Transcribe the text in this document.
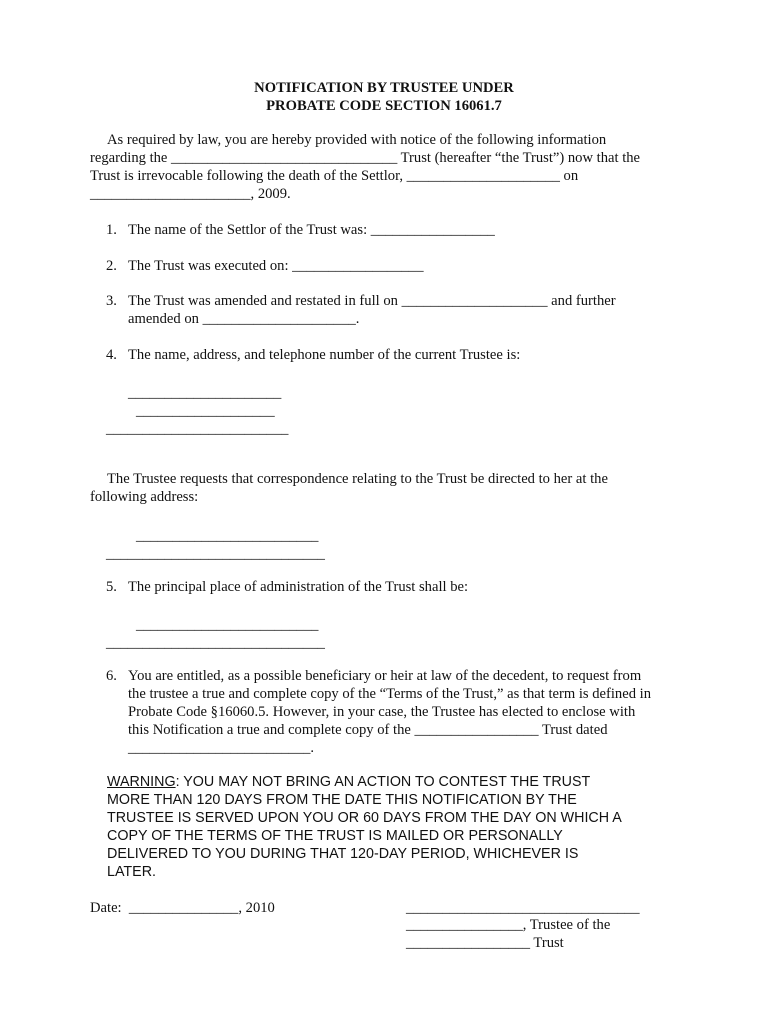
NOTIFICATION BY TRUSTEE UNDER
PROBATE CODE SECTION 16061.7
As required by law, you are hereby provided with notice of the following information
regarding the _______________________________ Trust (hereafter “the Trust”) now that the
Trust is irrevocable following the death of the Settlor, _____________________ on
______________________, 2009.
1. The name of the Settlor of the Trust was: _________________
2. The Trust was executed on: __________________
3. The Trust was amended and restated in full on ____________________ and further
amended on _____________________.
4. The name, address, and telephone number of the current Trustee is:
_____________________
___________________
_________________________
The Trustee requests that correspondence relating to the Trust be directed to her at the
following address:
_________________________
______________________________
5. The principal place of administration of the Trust shall be:
_________________________
______________________________
6. You are entitled, as a possible beneficiary or heir at law of the decedent, to request from
the trustee a true and complete copy of the “Terms of the Trust,” as that term is defined in
Probate Code §16060.5. However, in your case, the Trustee has elected to enclose with
this Notification a true and complete copy of the _________________ Trust dated
_________________________.
WARNING: YOU MAY NOT BRING AN ACTION TO CONTEST THE TRUST
MORE THAN 120 DAYS FROM THE DATE THIS NOTIFICATION BY THE
TRUSTEE IS SERVED UPON YOU OR 60 DAYS FROM THE DAY ON WHICH A
COPY OF THE TERMS OF THE TRUST IS MAILED OR PERSONALLY
DELIVERED TO YOU DURING THAT 120-DAY PERIOD, WHICHEVER IS
LATER.
Date:  _______________, 2010	________________________________
________________, Trustee of the
_________________ Trust
